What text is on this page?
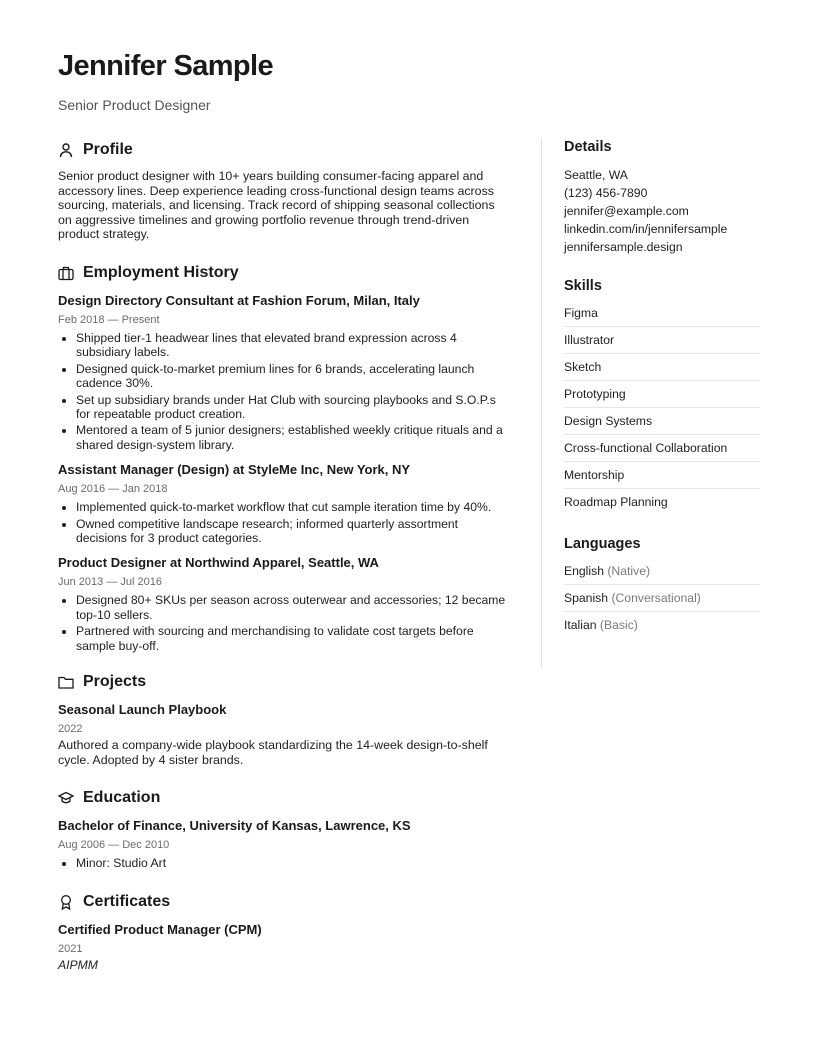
Jennifer Sample
Senior Product Designer
Profile

Senior product designer with 10+ years building consumer-facing apparel and accessory lines. Deep experience leading cross-functional design teams across sourcing, materials, and licensing. Track record of shipping seasonal collections on aggressive timelines and growing portfolio revenue through trend-driven product strategy.

Employment History
Design Directory Consultant at Fashion Forum, Milan, Italy
Feb 2018 — Present
• Shipped tier-1 headwear lines that elevated brand expression across 4 subsidiary labels.
• Designed quick-to-market premium lines for 6 brands, accelerating launch cadence 30%.
• Set up subsidiary brands under Hat Club with sourcing playbooks and S.O.P.s for repeatable product creation.
• Mentored a team of 5 junior designers; established weekly critique rituals and a shared design-system library.
Assistant Manager (Design) at StyleMe Inc, New York, NY
Aug 2016 — Jan 2018
• Implemented quick-to-market workflow that cut sample iteration time by 40%.
• Owned competitive landscape research; informed quarterly assortment decisions for 3 product categories.
Product Designer at Northwind Apparel, Seattle, WA
Jun 2013 — Jul 2016
• Designed 80+ SKUs per season across outerwear and accessories; 12 became top-10 sellers.
• Partnered with sourcing and merchandising to validate cost targets before sample buy-off.
Projects
Seasonal Launch Playbook
2022

Authored a company-wide playbook standardizing the 14-week design-to-shelf cycle. Adopted by 4 sister brands.

Education
Bachelor of Finance, University of Kansas, Lawrence, KS
Aug 2006 — Dec 2010
• Minor: Studio Art
Certificates
Certified Product Manager (CPM)
2021
AIPMM
Details
Seattle, WA
(123) 456-7890
jennifer@example.com
linkedin.com/in/jennifersample
jennifersample.design
Skills
Figma
Illustrator
Sketch
Prototyping
Design Systems
Cross-functional Collaboration
Mentorship
Roadmap Planning
Languages
English (Native)
Spanish (Conversational)
Italian (Basic)
